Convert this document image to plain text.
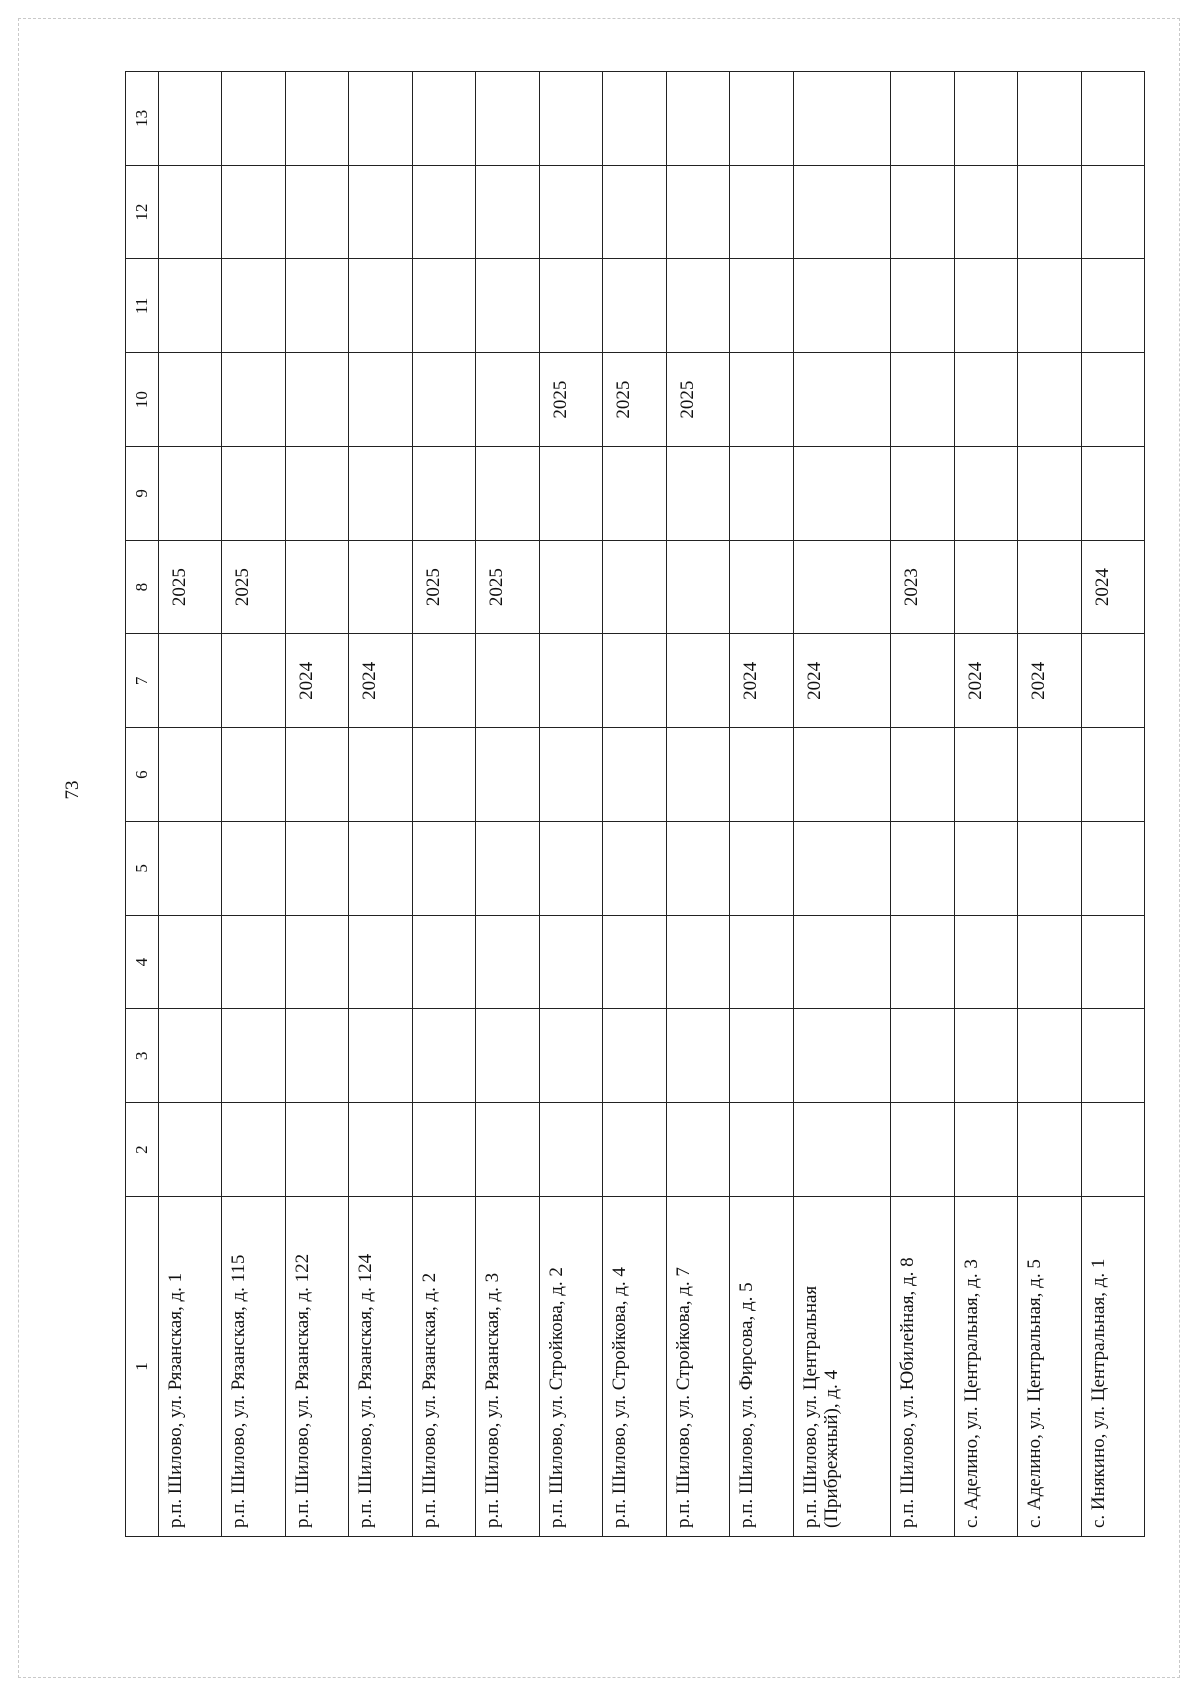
73
1	2	3	4	5	6	7	8	9	10	11	12	13
р.п. Шилово, ул. Рязанская, д. 1							2025					
р.п. Шилово, ул. Рязанская, д. 115							2025					
р.п. Шилово, ул. Рязанская, д. 122						2024						
р.п. Шилово, ул. Рязанская, д. 124						2024						
р.п. Шилово, ул. Рязанская, д. 2							2025					
р.п. Шилово, ул. Рязанская, д. 3							2025					
р.п. Шилово, ул. Стройкова, д. 2									2025			
р.п. Шилово, ул. Стройкова, д. 4									2025			
р.п. Шилово, ул. Стройкова, д. 7									2025			
р.п. Шилово, ул. Фирсова, д. 5						2024						
р.п. Шилово, ул. Центральная (Прибрежный), д. 4						2024						
р.п. Шилово, ул. Юбилейная, д. 8							2023					
с. Аделино, ул. Центральная, д. 3						2024						
с. Аделино, ул. Центральная, д. 5						2024						
с. Инякино, ул. Центральная, д. 1							2024					
